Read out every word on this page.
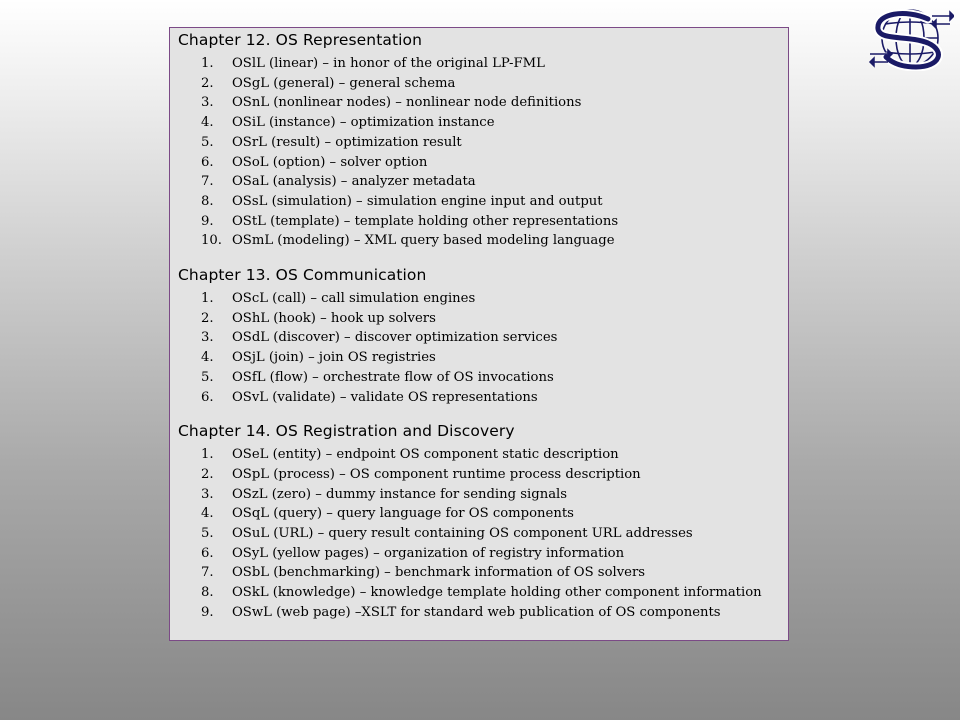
Chapter 12. OS Representation
1.	OSlL (linear) – in honor of the original LP-FML
2.	OSgL (general) – general schema
3.	OSnL (nonlinear nodes) – nonlinear node definitions
4.	OSiL (instance) – optimization instance
5.	OSrL (result) – optimization result
6.	OSoL (option) – solver option
7.	OSaL (analysis) – analyzer metadata
8.	OSsL (simulation) – simulation engine input and output
9.	OStL (template) – template holding other representations
10. OSmL (modeling) – XML query based modeling language
Chapter 13. OS Communication
1.	OScL (call) – call simulation engines
2.	OShL (hook) – hook up solvers
3.	OSdL (discover) – discover optimization services
4.	OSjL (join) – join OS registries
5.	OSfL (flow) – orchestrate flow of OS invocations
6.	OSvL (validate) – validate OS representations
Chapter 14. OS Registration and Discovery
1.	OSeL (entity) – endpoint OS component static description
2.	OSpL (process) – OS component runtime process description
3.	OSzL (zero) – dummy instance for sending signals
4.	OSqL (query) – query language for OS components
5.	OSuL (URL) – query result containing OS component URL addresses
6.	OSyL (yellow pages) – organization of registry information
7.	OSbL (benchmarking) – benchmark information of OS solvers
8.	OSkL (knowledge) – knowledge template holding other component information
9.	OSwL (web page) –XSLT for standard web publication of OS components
